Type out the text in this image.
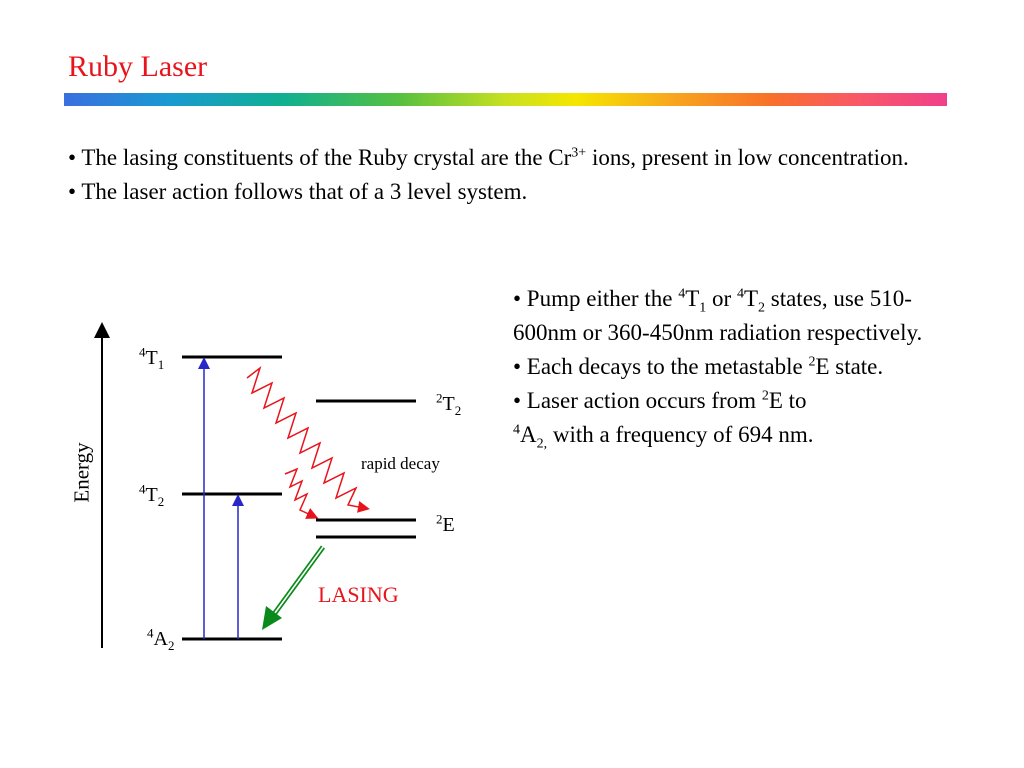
Ruby Laser

• The lasing constituents of the Ruby crystal are the $Cr^{3+}$ ions, present in low concentration.

• The laser action follows that of a 3 level system.

• Pump either the $^4T_1$ or $^4T_2$ states, use 510-600nm or 360-450nm radiation respectively.

• Each decays to the metastable $^2$E state.

• Laser action occurs from $^2$E to
$^4A_{2,}$ with a frequency of 694 nm.

$^4T_1$
$^4T_2$
$^4A_2$
$^2T_2$
$^2$E
rapid decay
LASING
Energy
